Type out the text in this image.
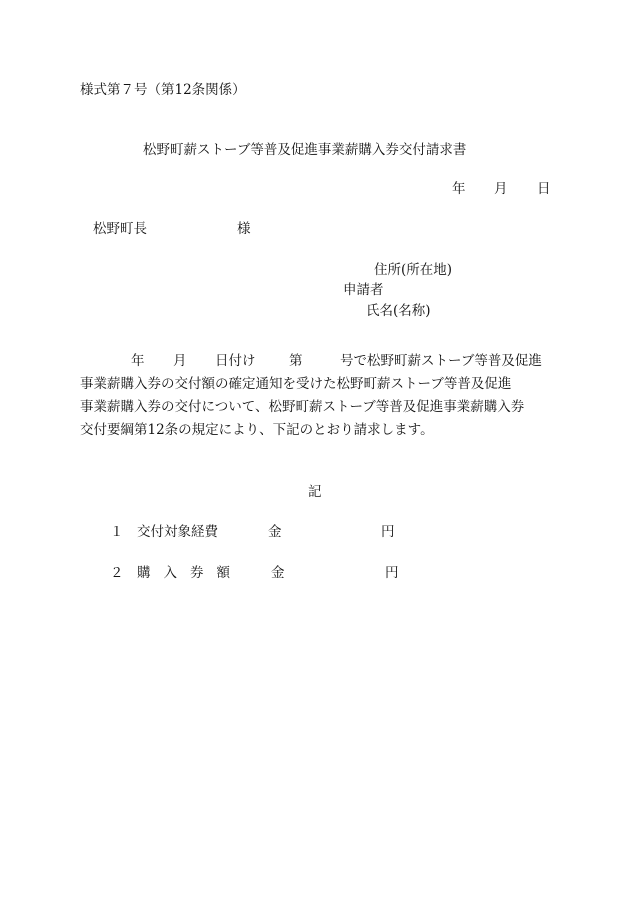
様式第７号（第12条関係）
松野町薪ストーブ等普及促進事業薪購入券交付請求書
年 月 日
松野町長	様
住所(所在地)
申請者
氏名(名称)
年 月 日付け 第	号で松野町薪ストーブ等普及促進
事業薪購入券の交付額の確定通知を受けた松野町薪ストーブ等普及促進
事業薪購入券の交付について、松野町薪ストーブ等普及促進事業薪購入券
交付要綱第12条の規定により、下記のとおり請求します。
記
１ 交付対象経費	金	円
２ 購入券額 金	円
